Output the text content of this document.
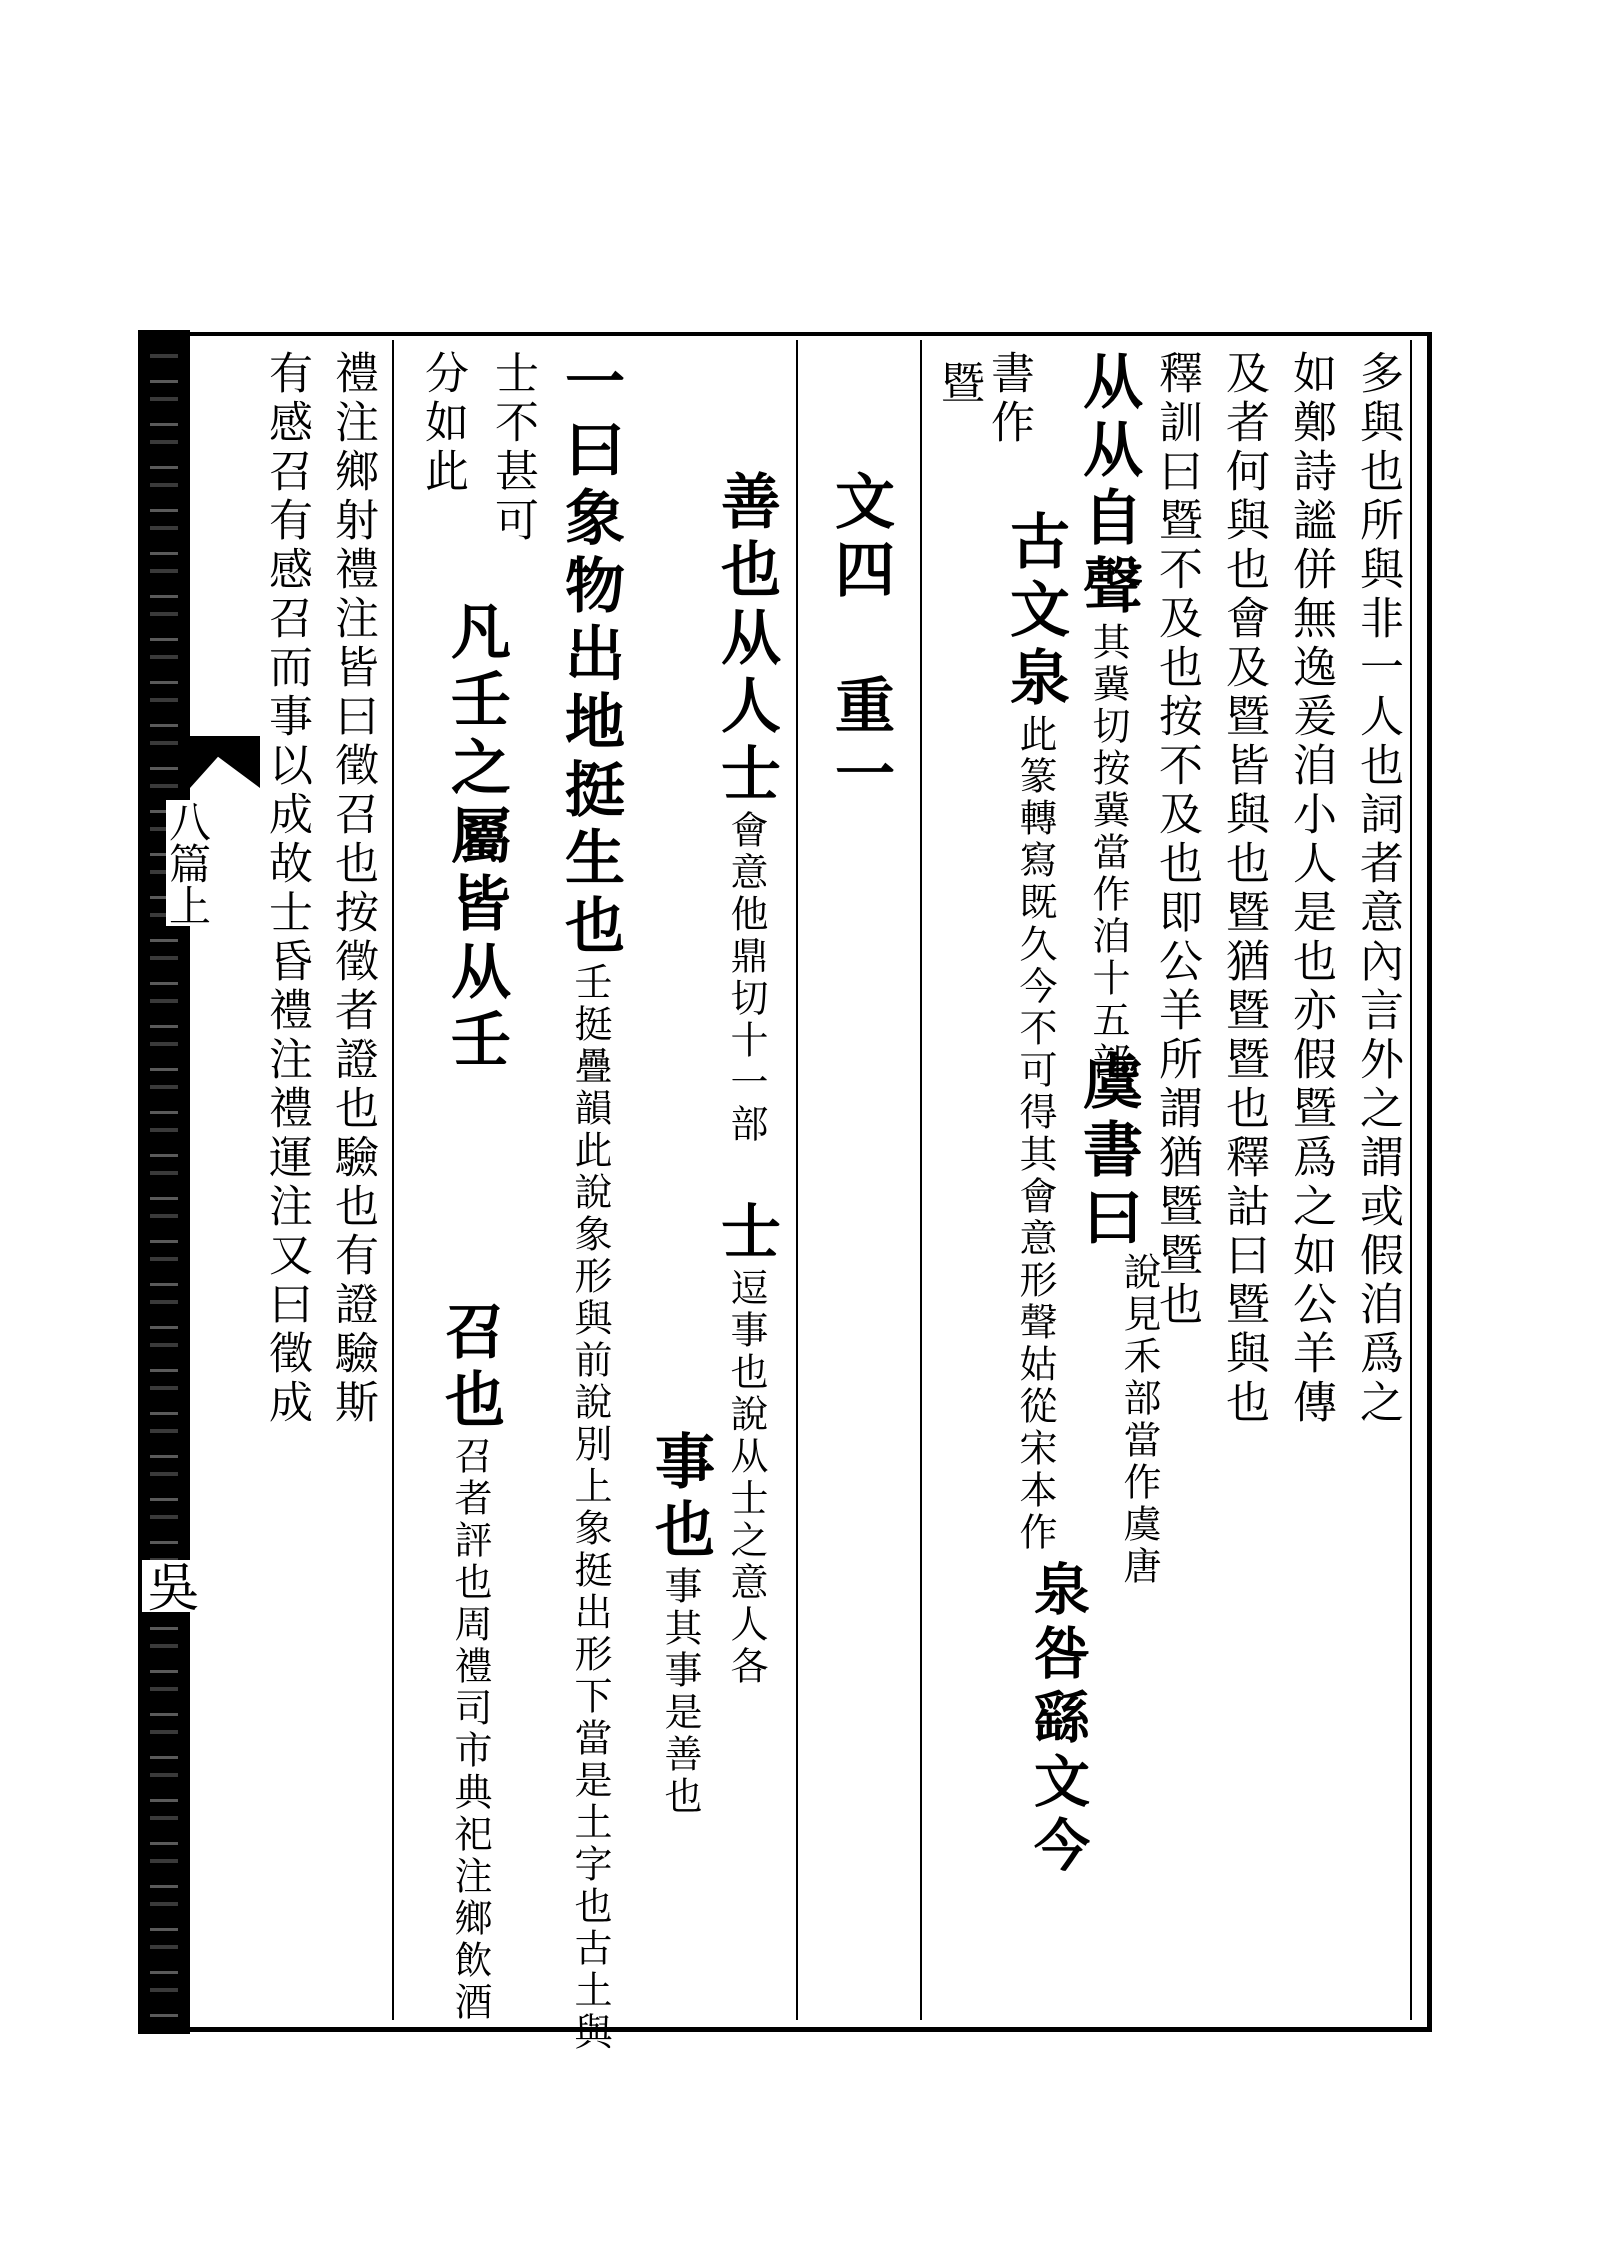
八篇上
吳
多與也所與非一人也詞者意內言外之謂或假洎爲之
如鄭詩謐併無逸爰洎小人是也亦假暨爲之如公羊傳
及者何與也會及暨皆與也暨猶暨暨也釋詁曰暨與也
釋訓曰暨不及也按不及也即公羊所謂猶暨暨也
从从自聲其冀切按冀當作洎十五部
虞書曰
說見禾部當作虞唐
書作
泉咎繇文今
古文泉此篆轉寫既久今不可得其會意形聲姑從宋本作
暨
文四　重一
善也从人士會意他鼎切十一部
士逗事也說从士之意人各
事也事其事是善也
一曰象物出地挺生也壬挺疊韻此說象形與前說別上象挺出形下當是土字也古土與
士不甚可
分如此
凡壬之屬皆从壬
召也召者評也周禮司市典祀注鄉飲酒
禮注鄉射禮注皆曰徵召也按徵者證也驗也有證驗斯
有感召有感召而事以成故士昏禮注禮運注又曰徵成
